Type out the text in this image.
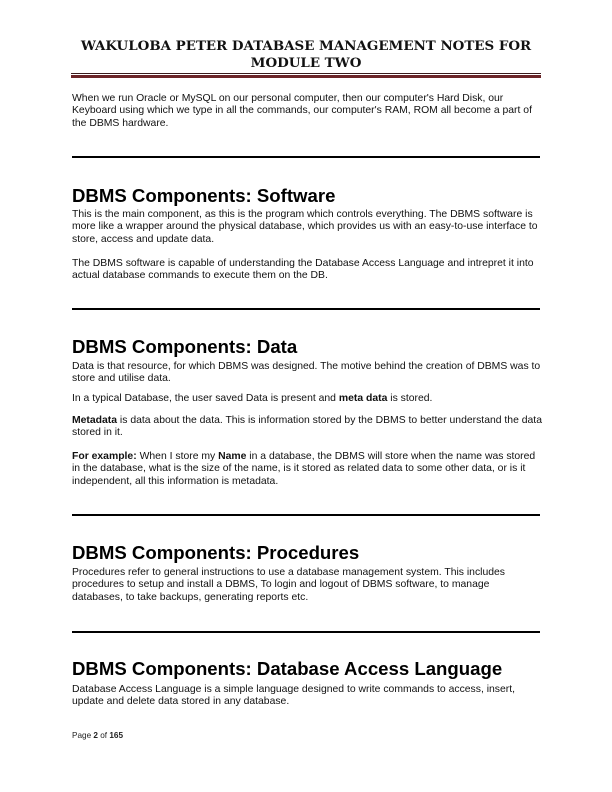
WAKULOBA PETER DATABASE MANAGEMENT NOTES FOR
MODULE TWO
When we run Oracle or MySQL on our personal computer, then our computer's Hard Disk, our Keyboard using which we type in all the commands, our computer's RAM, ROM all become a part of the DBMS hardware.
DBMS Components: Software
This is the main component, as this is the program which controls everything. The DBMS software is more like a wrapper around the physical database, which provides us with an easy-to-use interface to store, access and update data.
The DBMS software is capable of understanding the Database Access Language and intrepret it into actual database commands to execute them on the DB.
DBMS Components: Data
Data is that resource, for which DBMS was designed. The motive behind the creation of DBMS was to store and utilise data.
In a typical Database, the user saved Data is present and meta data is stored.
Metadata is data about the data. This is information stored by the DBMS to better understand the data stored in it.
For example: When I store my Name in a database, the DBMS will store when the name was stored in the database, what is the size of the name, is it stored as related data to some other data, or is it independent, all this information is metadata.
DBMS Components: Procedures
Procedures refer to general instructions to use a database management system. This includes procedures to setup and install a DBMS, To login and logout of DBMS software, to manage databases, to take backups, generating reports etc.
DBMS Components: Database Access Language
Database Access Language is a simple language designed to write commands to access, insert, update and delete data stored in any database.
Page 2 of 165
